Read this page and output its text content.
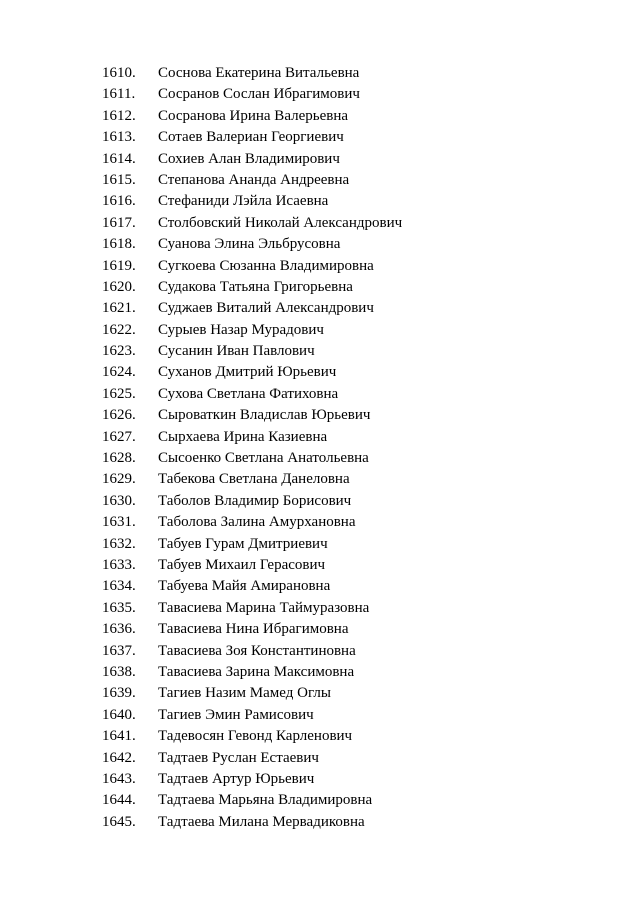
1610.	Соснова Екатерина Витальевна
1611.	Сосранов Сослан Ибрагимович
1612.	Сосранова Ирина Валерьевна
1613.	Сотаев Валериан Георгиевич
1614.	Сохиев Алан Владимирович
1615.	Степанова Ананда Андреевна
1616.	Стефаниди Лэйла Исаевна
1617.	Столбовский Николай Александрович
1618.	Суанова Элина Эльбрусовна
1619.	Сугкоева Сюзанна Владимировна
1620.	Судакова Татьяна Григорьевна
1621.	Суджаев Виталий Александрович
1622.	Сурыев Назар Мурадович
1623.	Сусанин Иван Павлович
1624.	Суханов Дмитрий Юрьевич
1625.	Сухова Светлана Фатиховна
1626.	Сыроваткин Владислав Юрьевич
1627.	Сырхаева Ирина Казиевна
1628.	Сысоенко Светлана Анатольевна
1629.	Табекова Светлана Данеловна
1630.	Таболов Владимир Борисович
1631.	Таболова Залина Амурхановна
1632.	Табуев Гурам Дмитриевич
1633.	Табуев Михаил Герасович
1634.	Табуева Майя Амирановна
1635.	Тавасиева Марина Таймуразовна
1636.	Тавасиева Нина Ибрагимовна
1637.	Тавасиева Зоя Константиновна
1638.	Тавасиева Зарина Максимовна
1639.	Тагиев Назим Мамед Оглы
1640.	Тагиев Эмин Рамисович
1641.	Тадевосян Гевонд Карленович
1642.	Тадтаев Руслан Естаевич
1643.	Тадтаев Артур Юрьевич
1644.	Тадтаева Марьяна Владимировна
1645.	Тадтаева Милана Мервадиковна
